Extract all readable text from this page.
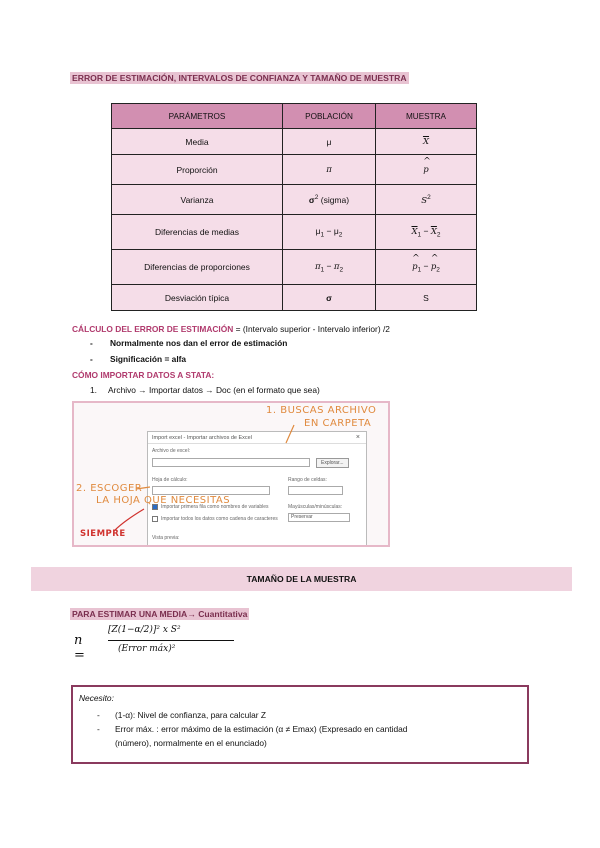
ERROR DE ESTIMACIÓN, INTERVALOS DE CONFIANZA Y TAMAÑO DE MUESTRA
PARÁMETROS	POBLACIÓN	MUESTRA
Media	μ	$\overline{X}$
Proporción	π	^ p
Varianza	$\sigma^2$ (sigma)	$S^2$
Diferencias de medias	$\mu_1 - \mu_2$	$\overline{X}_1 - \overline{X}_2$
Diferencias de proporciones	$\pi_1 - \pi_2$	^ $p_1$ − ^ $p_2$
Desviación típica	σ	S
CÁLCULO DEL ERROR DE ESTIMACIÓN = (Intervalo superior - Intervalo inferior) /2
- Normalmente nos dan el error de estimación
- Significación = alfa
CÓMO IMPORTAR DATOS A STATA:
1. Archivo → Importar datos → Doc (en el formato que sea)
Import excel - Importar archivos de Excel	×
Archivo de excel:
Explorar...
Hoja de cálculo:	Rango de celdas:
Importar primera fila como nombres de variables
Importar todos los datos como cadena de caracteres
Mayúsculas/minúsculas:
Preservar
Vista previa:
1. BUSCAS ARCHIVO
EN CARPETA
2. ESCOGER
LA HOJA QUE NECESITAS
SIEMPRE
TAMAÑO DE LA MUESTRA
PARA ESTIMAR UNA MEDIA→ Cuantitativa
n =
[Z(1−α/2)]² x S²
(Error máx)²
Necesito:
- (1-α): Nivel de confianza, para calcular Z
- Error máx. : error máximo de la estimación (α ≠ Emax) (Expresado en cantidad
(número), normalmente en el enunciado)
